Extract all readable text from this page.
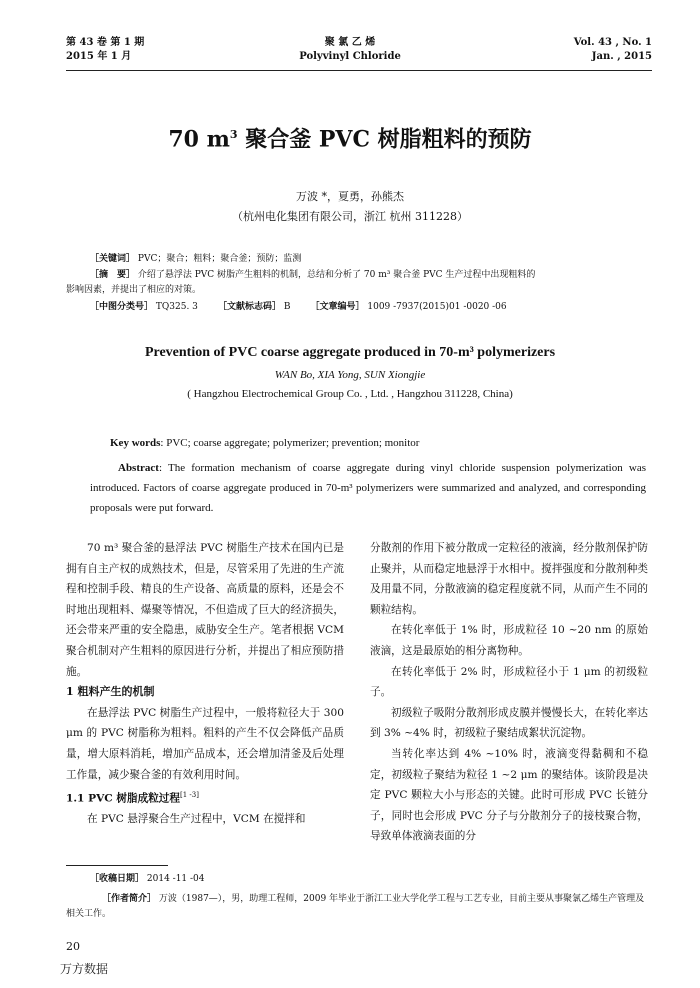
第 43 卷 第 1 期
2015 年 1 月
聚 氯 乙 烯
Polyvinyl Chloride
Vol. 43 , No. 1
Jan. , 2015
70 $m^3$ 聚合釜 PVC 树脂粗料的预防
万波 *，夏勇，孙熊杰
（杭州电化集团有限公司，浙江 杭州 311228）
［关键词］ PVC；聚合；粗料；聚合釜；预防；监测
［摘　要］ 介绍了悬浮法 PVC 树脂产生粗料的机制，总结和分析了 70 m³ 聚合釜 PVC 生产过程中出现粗料的
影响因素，并提出了相应的对策。
［中图分类号］ TQ325. 3 ［文献标志码］ B ［文章编号］ 1009 -7937(2015)01 -0020 -06
Prevention of PVC coarse aggregate produced in 70-m³ polymerizers
WAN Bo, XIA Yong, SUN Xiongjie
( Hangzhou Electrochemical Group Co. , Ltd. , Hangzhou 311228, China)
Key words: PVC; coarse aggregate; polymerizer; prevention; monitor
Abstract: The formation mechanism of coarse aggregate during vinyl chloride suspension polymerization was introduced. Factors of coarse aggregate produced in 70-m³ polymerizers were summarized and analyzed, and corresponding proposals were put forward.

70 m³ 聚合釜的悬浮法 PVC 树脂生产技术在国内已是拥有自主产权的成熟技术，但是，尽管采用了先进的生产流程和控制手段、精良的生产设备、高质量的原料，还是会不时地出现粗料、爆聚等情况，不但造成了巨大的经济损失，还会带来严重的安全隐患，威胁安全生产。笔者根据 VCM 聚合机制对产生粗料的原因进行分析，并提出了相应预防措施。

1 粗料产生的机制

在悬浮法 PVC 树脂生产过程中，一般将粒径大于 300 μm 的 PVC 树脂称为粗料。粗料的产生不仅会降低产品质量，增大原料消耗，增加产品成本，还会增加清釜及后处理工作量，减少聚合釜的有效利用时间。

1.1 PVC 树脂成粒过程[1 -3]

在 PVC 悬浮聚合生产过程中，VCM 在搅拌和

分散剂的作用下被分散成一定粒径的液滴，经分散剂保护防止聚并，从而稳定地悬浮于水相中。搅拌强度和分散剂种类及用量不同，分散液滴的稳定程度就不同，从而产生不同的颗粒结构。

在转化率低于 1% 时，形成粒径 10 ~20 nm 的原始液滴，这是最原始的相分离物种。

在转化率低于 2% 时，形成粒径小于 1 μm 的初级粒子。

初级粒子吸附分散剂形成皮膜并慢慢长大，在转化率达到 3% ~4% 时，初级粒子聚结成絮状沉淀物。

当转化率达到 4% ~10% 时，液滴变得黏稠和不稳定，初级粒子聚结为粒径 1 ~2 μm 的聚结体。该阶段是决定 PVC 颗粒大小与形态的关键。此时可形成 PVC 长链分子，同时也会形成 PVC 分子与分散剂分子的接枝聚合物，导致单体液滴表面的分

［收稿日期］ 2014 -11 -04
［作者简介］ 万波（1987—），男，助理工程师，2009 年毕业于浙江工业大学化学工程与工艺专业，目前主要从事聚氯乙烯生产管理及相关工作。
20
万方数据
